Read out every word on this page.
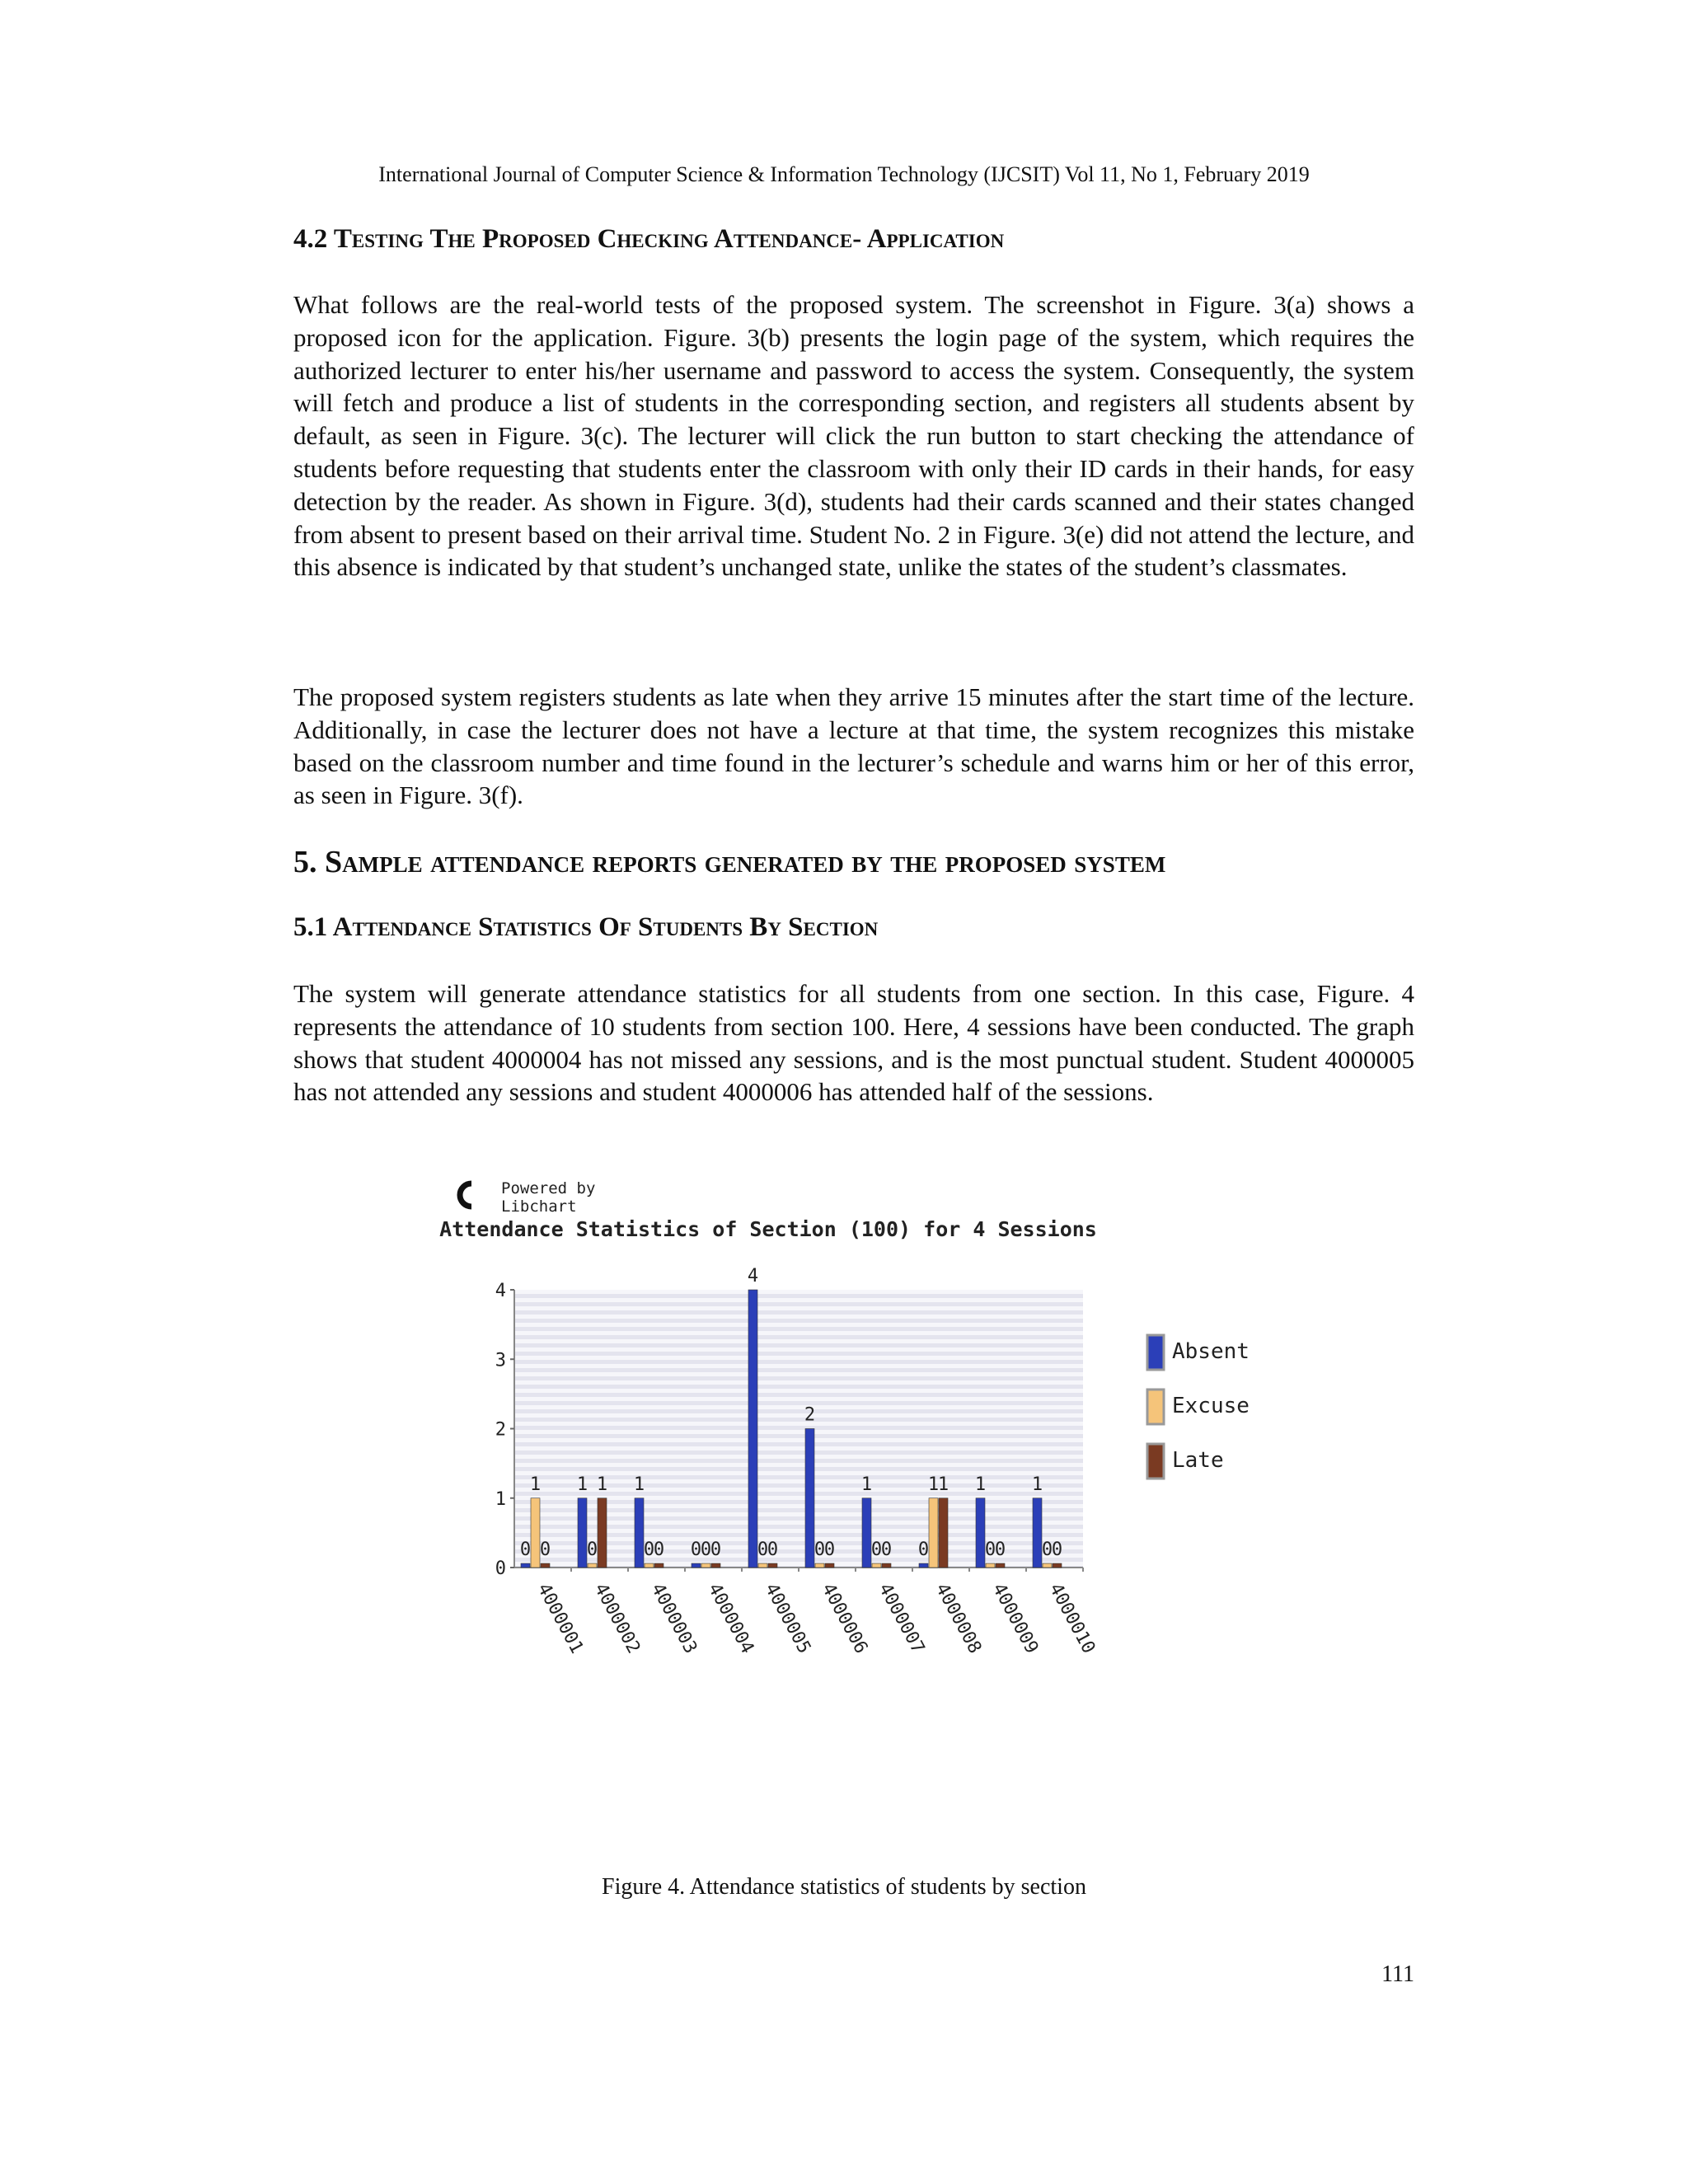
International Journal of Computer Science & Information Technology (IJCSIT) Vol 11, No 1, February 2019
4.2 Testing The Proposed Checking Attendance- Application

What follows are the real-world tests of the proposed system. The screenshot in Figure. 3(a) shows a proposed icon for the application. Figure. 3(b) presents the login page of the system, which requires the authorized lecturer to enter his/her username and password to access the system. Consequently, the system will fetch and produce a list of students in the corresponding section, and registers all students absent by default, as seen in Figure. 3(c). The lecturer will click the run button to start checking the attendance of students before requesting that students enter the classroom with only their ID cards in their hands, for easy detection by the reader. As shown in Figure. 3(d), students had their cards scanned and their states changed from absent to present based on their arrival time. Student No. 2 in Figure. 3(e) did not attend the lecture, and this absence is indicated by that student’s unchanged state, unlike the states of the student’s classmates.

The proposed system registers students as late when they arrive 15 minutes after the start time of the lecture. Additionally, in case the lecturer does not have a lecture at that time, the system recognizes this mistake based on the classroom number and time found in the lecturer’s schedule and warns him or her of this error, as seen in Figure. 3(f).

5. Sample attendance reports generated by the proposed system
5.1 Attendance Statistics Of Students By Section

The system will generate attendance statistics for all students from one section. In this case, Figure. 4 represents the attendance of 10 students from section 100. Here, 4 sessions have been conducted. The graph shows that student 4000004 has not missed any sessions, and is the most punctual student. Student 4000005 has not attended any sessions and student 4000006 has attended half of the sessions.

Powered by
Libchart
Attendance Statistics of Section (100) for 4 Sessions
0
1
2
3
4
0
1
0
1
0
1 1
0
0 0
0
0
4
0
0
2
0
0
1
0
0 0
1
1 1
0
0
1
0
0
4000001 4000002 4000003 4000004 4000005 4000006 4000007 4000008 4000009 4000010
Absent
Excuse
Late
Figure 4. Attendance statistics of students by section
111
